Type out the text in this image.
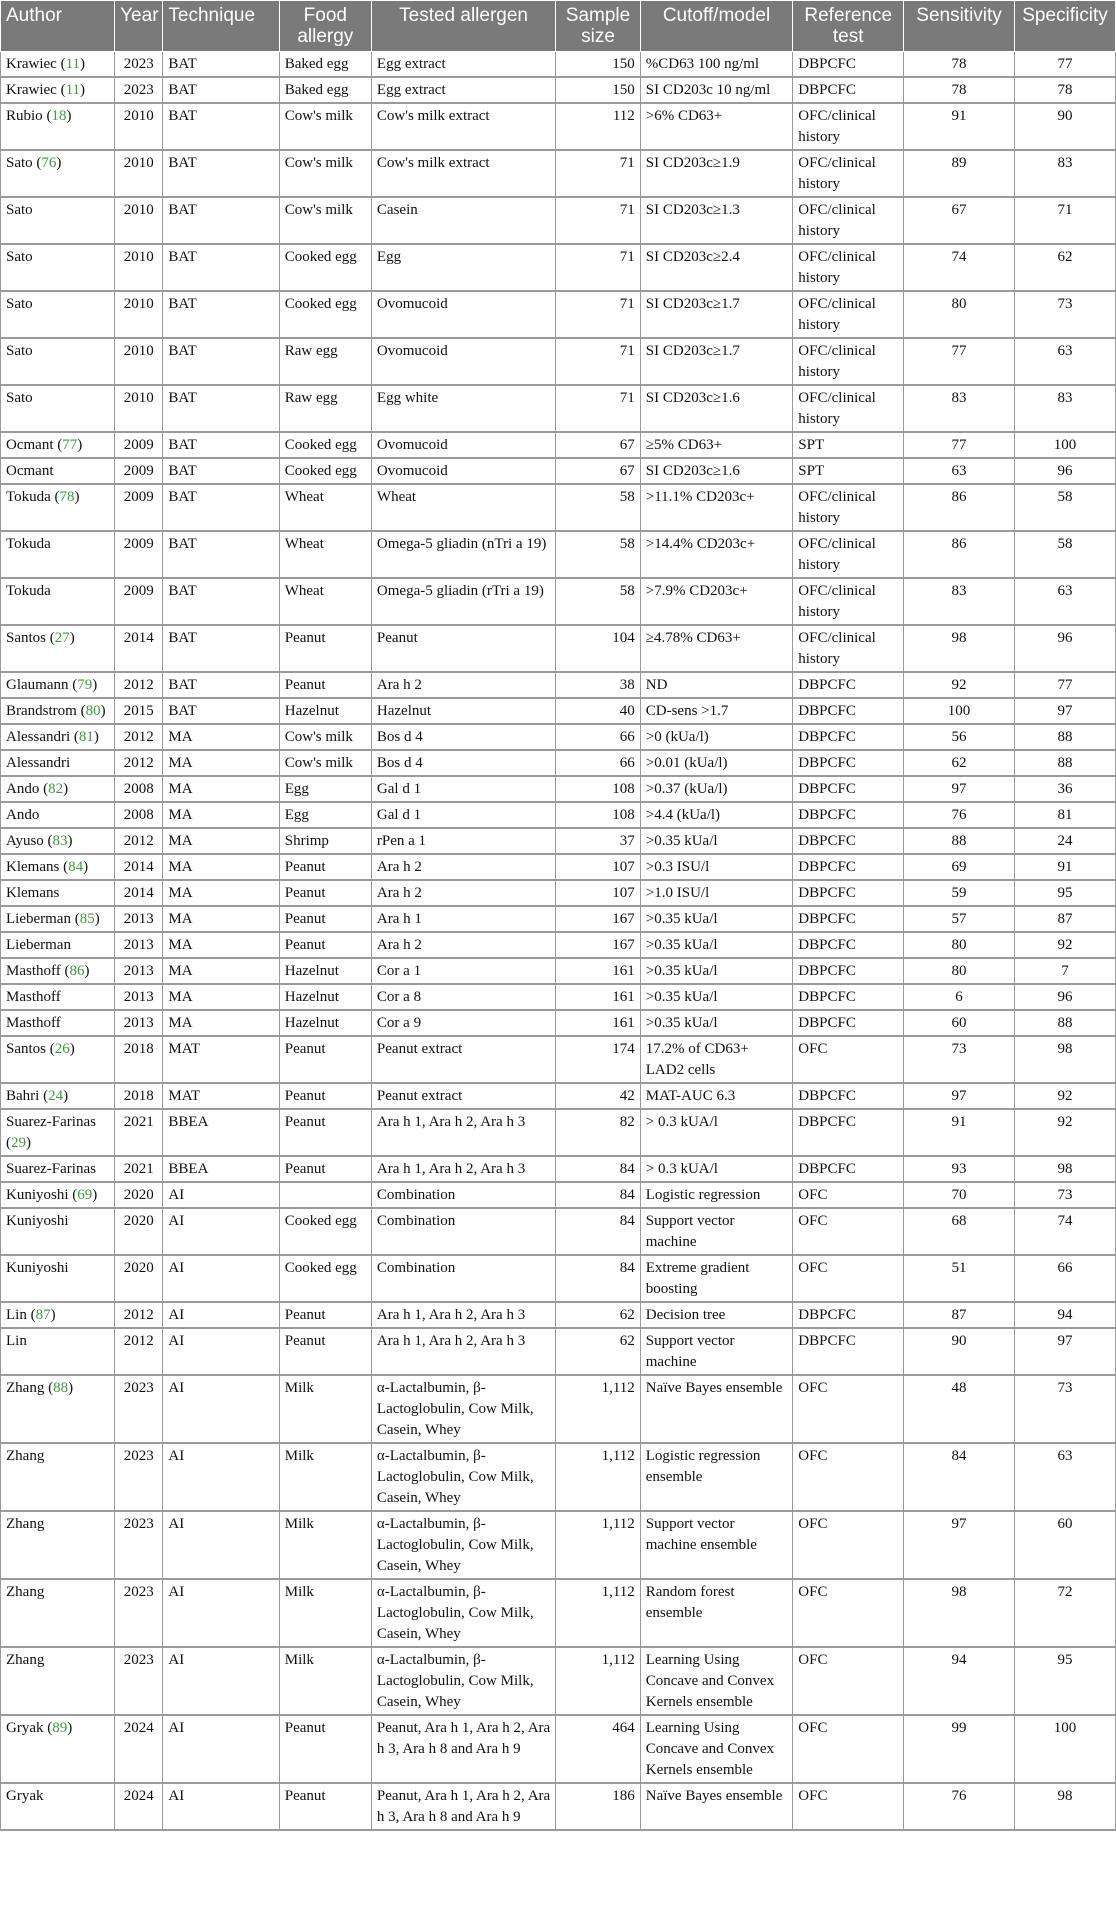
Author	Year	Technique	Food allergy	Tested allergen	Sample size	Cutoff/model	Reference test	Sensitivity	Specificity
Krawiec (11)	2023	BAT	Baked egg	Egg extract	150	%CD63 100 ng/ml	DBPCFC	78	77
Krawiec (11)	2023	BAT	Baked egg	Egg extract	150	SI CD203c 10 ng/ml	DBPCFC	78	78
Rubio (18)	2010	BAT	Cow's milk	Cow's milk extract	112	>6% CD63+	OFC/clinical history	91	90
Sato (76)	2010	BAT	Cow's milk	Cow's milk extract	71	SI CD203c≥1.9	OFC/clinical history	89	83
Sato	2010	BAT	Cow's milk	Casein	71	SI CD203c≥1.3	OFC/clinical history	67	71
Sato	2010	BAT	Cooked egg	Egg	71	SI CD203c≥2.4	OFC/clinical history	74	62
Sato	2010	BAT	Cooked egg	Ovomucoid	71	SI CD203c≥1.7	OFC/clinical history	80	73
Sato	2010	BAT	Raw egg	Ovomucoid	71	SI CD203c≥1.7	OFC/clinical history	77	63
Sato	2010	BAT	Raw egg	Egg white	71	SI CD203c≥1.6	OFC/clinical history	83	83
Ocmant (77)	2009	BAT	Cooked egg	Ovomucoid	67	≥5% CD63+	SPT	77	100
Ocmant	2009	BAT	Cooked egg	Ovomucoid	67	SI CD203c≥1.6	SPT	63	96
Tokuda (78)	2009	BAT	Wheat	Wheat	58	>11.1% CD203c+	OFC/clinical history	86	58
Tokuda	2009	BAT	Wheat	Omega-5 gliadin (nTri a 19)	58	>14.4% CD203c+	OFC/clinical history	86	58
Tokuda	2009	BAT	Wheat	Omega-5 gliadin (rTri a 19)	58	>7.9% CD203c+	OFC/clinical history	83	63
Santos (27)	2014	BAT	Peanut	Peanut	104	≥4.78% CD63+	OFC/clinical history	98	96
Glaumann (79)	2012	BAT	Peanut	Ara h 2	38	ND	DBPCFC	92	77
Brandstrom (80)	2015	BAT	Hazelnut	Hazelnut	40	CD-sens >1.7	DBPCFC	100	97
Alessandri (81)	2012	MA	Cow's milk	Bos d 4	66	>0 (kUa/l)	DBPCFC	56	88
Alessandri	2012	MA	Cow's milk	Bos d 4	66	>0.01 (kUa/l)	DBPCFC	62	88
Ando (82)	2008	MA	Egg	Gal d 1	108	>0.37 (kUa/l)	DBPCFC	97	36
Ando	2008	MA	Egg	Gal d 1	108	>4.4 (kUa/l)	DBPCFC	76	81
Ayuso (83)	2012	MA	Shrimp	rPen a 1	37	>0.35 kUa/l	DBPCFC	88	24
Klemans (84)	2014	MA	Peanut	Ara h 2	107	>0.3 ISU/l	DBPCFC	69	91
Klemans	2014	MA	Peanut	Ara h 2	107	>1.0 ISU/l	DBPCFC	59	95
Lieberman (85)	2013	MA	Peanut	Ara h 1	167	>0.35 kUa/l	DBPCFC	57	87
Lieberman	2013	MA	Peanut	Ara h 2	167	>0.35 kUa/l	DBPCFC	80	92
Masthoff (86)	2013	MA	Hazelnut	Cor a 1	161	>0.35 kUa/l	DBPCFC	80	7
Masthoff	2013	MA	Hazelnut	Cor a 8	161	>0.35 kUa/l	DBPCFC	6	96
Masthoff	2013	MA	Hazelnut	Cor a 9	161	>0.35 kUa/l	DBPCFC	60	88
Santos (26)	2018	MAT	Peanut	Peanut extract	174	17.2% of CD63+ LAD2 cells	OFC	73	98
Bahri (24)	2018	MAT	Peanut	Peanut extract	42	MAT-AUC 6.3	DBPCFC	97	92
Suarez-Farinas (29)	2021	BBEA	Peanut	Ara h 1, Ara h 2, Ara h 3	82	> 0.3 kUA/l	DBPCFC	91	92
Suarez-Farinas	2021	BBEA	Peanut	Ara h 1, Ara h 2, Ara h 3	84	> 0.3 kUA/l	DBPCFC	93	98
Kuniyoshi (69)	2020	AI		Combination	84	Logistic regression	OFC	70	73
Kuniyoshi	2020	AI	Cooked egg	Combination	84	Support vector machine	OFC	68	74
Kuniyoshi	2020	AI	Cooked egg	Combination	84	Extreme gradient boosting	OFC	51	66
Lin (87)	2012	AI	Peanut	Ara h 1, Ara h 2, Ara h 3	62	Decision tree	DBPCFC	87	94
Lin	2012	AI	Peanut	Ara h 1, Ara h 2, Ara h 3	62	Support vector machine	DBPCFC	90	97
Zhang (88)	2023	AI	Milk	α-Lactalbumin, β-Lactoglobulin, Cow Milk, Casein, Whey	1,112	Naïve Bayes ensemble	OFC	48	73
Zhang	2023	AI	Milk	α-Lactalbumin, β-Lactoglobulin, Cow Milk, Casein, Whey	1,112	Logistic regression ensemble	OFC	84	63
Zhang	2023	AI	Milk	α-Lactalbumin, β-Lactoglobulin, Cow Milk, Casein, Whey	1,112	Support vector machine ensemble	OFC	97	60
Zhang	2023	AI	Milk	α-Lactalbumin, β-Lactoglobulin, Cow Milk, Casein, Whey	1,112	Random forest ensemble	OFC	98	72
Zhang	2023	AI	Milk	α-Lactalbumin, β-Lactoglobulin, Cow Milk, Casein, Whey	1,112	Learning Using Concave and Convex Kernels ensemble	OFC	94	95
Gryak (89)	2024	AI	Peanut	Peanut, Ara h 1, Ara h 2, Ara h 3, Ara h 8 and Ara h 9	464	Learning Using Concave and Convex Kernels ensemble	OFC	99	100
Gryak	2024	AI	Peanut	Peanut, Ara h 1, Ara h 2, Ara h 3, Ara h 8 and Ara h 9	186	Naïve Bayes ensemble	OFC	76	98
